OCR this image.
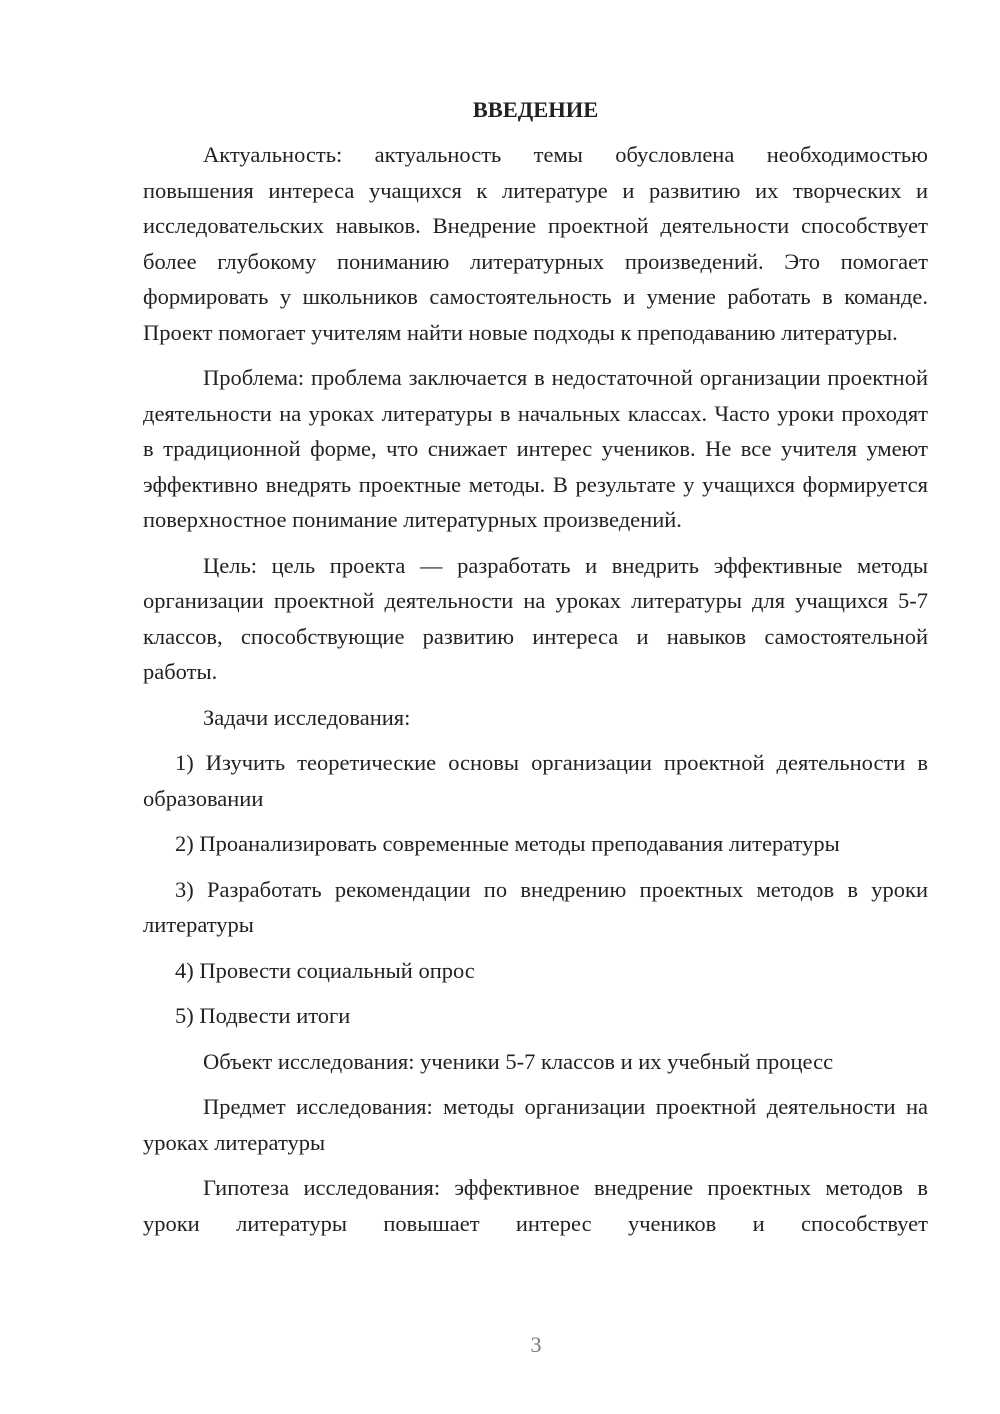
ВВЕДЕНИЕ

Актуальность: актуальность темы обусловлена необходимостью повышения интереса учащихся к литературе и развитию их творческих и исследовательских навыков. Внедрение проектной деятельности способствует более глубокому пониманию литературных произведений. Это помогает формировать у школьников самостоятельность и умение работать в команде. Проект помогает учителям найти новые подходы к преподаванию литературы.

Проблема: проблема заключается в недостаточной организации проектной деятельности на уроках литературы в начальных классах. Часто уроки проходят в традиционной форме, что снижает интерес учеников. Не все учителя умеют эффективно внедрять проектные методы. В результате у учащихся формируется поверхностное понимание литературных произведений.

Цель: цель проекта — разработать и внедрить эффективные методы организации проектной деятельности на уроках литературы для учащихся 5-7 классов, способствующие развитию интереса и навыков самостоятельной работы.

Задачи исследования:

1) Изучить теоретические основы организации проектной деятельности в образовании

2) Проанализировать современные методы преподавания литературы

3) Разработать рекомендации по внедрению проектных методов в уроки литературы

4) Провести социальный опрос

5) Подвести итоги

Объект исследования: ученики 5-7 классов и их учебный процесс

Предмет исследования: методы организации проектной деятельности на уроках литературы

Гипотеза исследования: эффективное внедрение проектных методов в уроки литературы повышает интерес учеников и способствует

3
